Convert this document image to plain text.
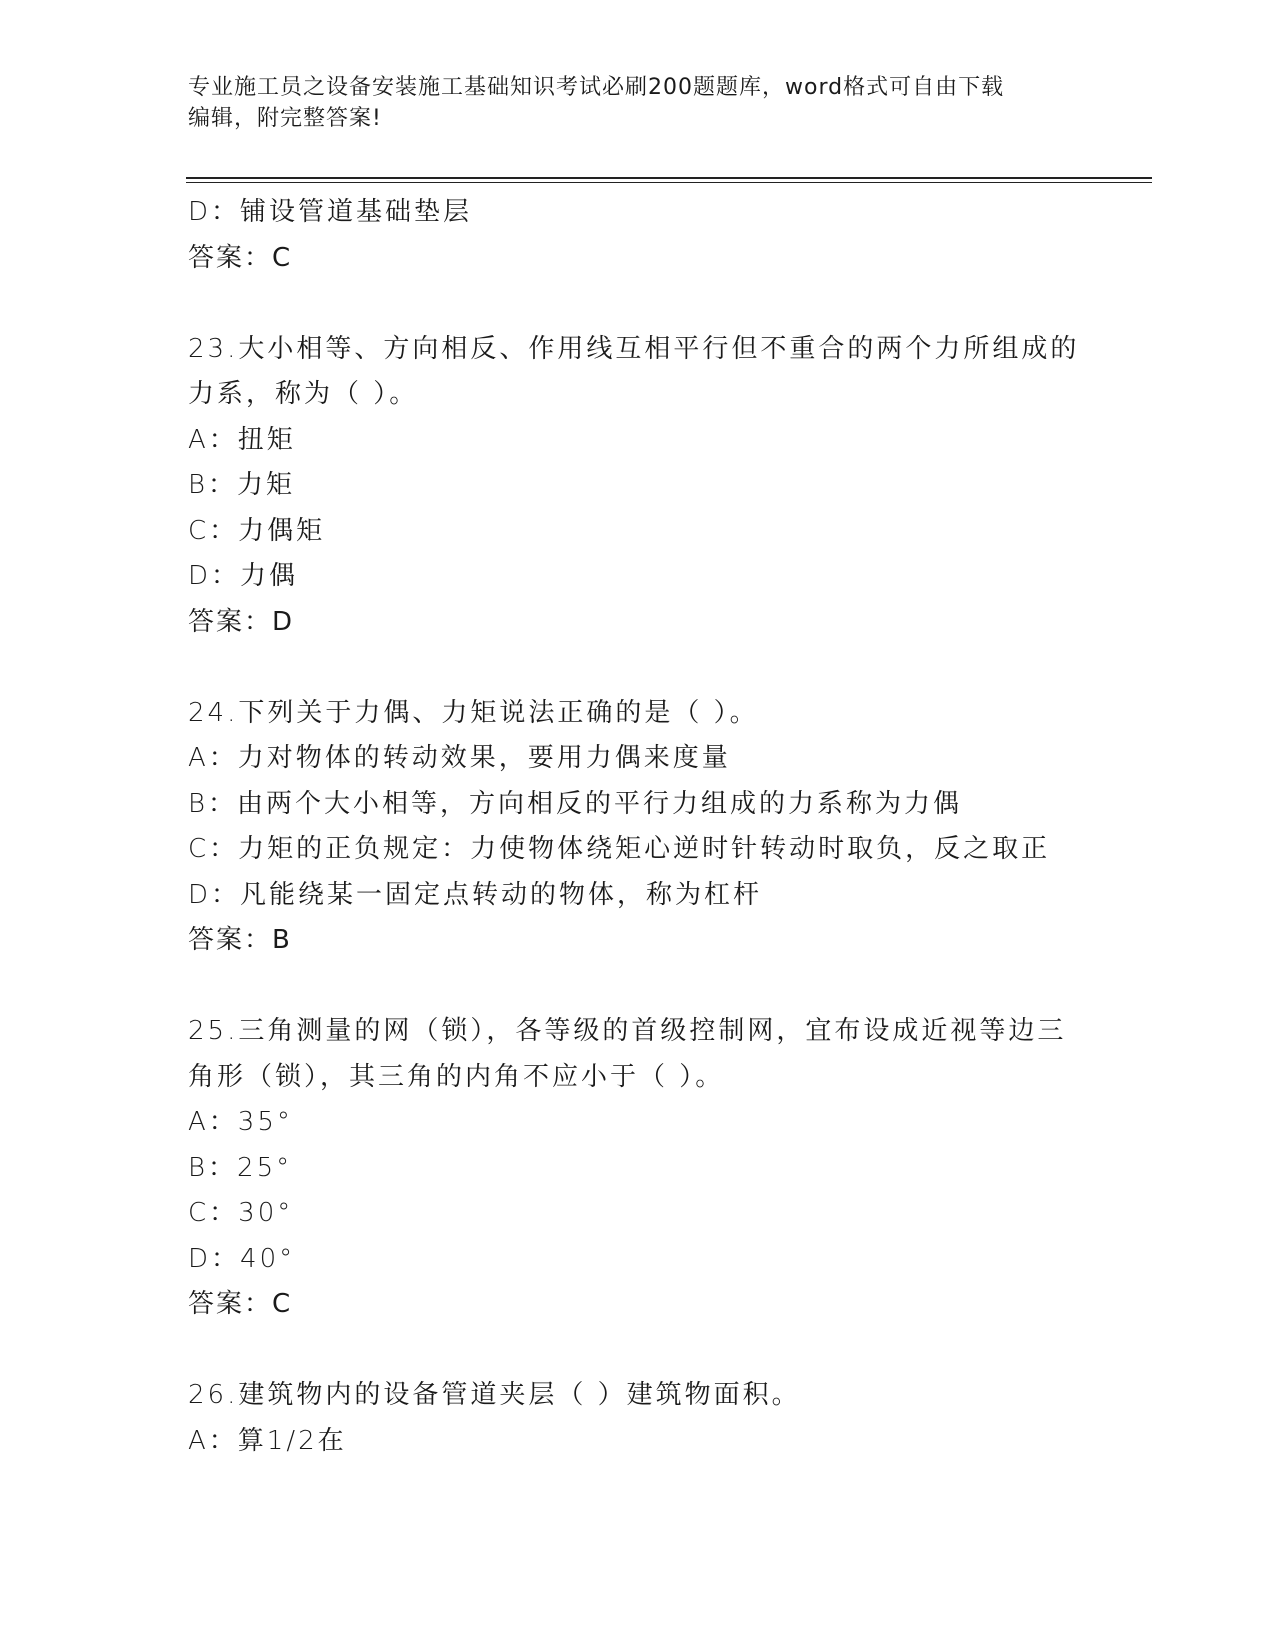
专业施工员之设备安装施工基础知识考试必刷200题题库，word格式可自由下载
编辑，附完整答案!
D：铺设管道基础垫层
答案：C
23.大小相等、方向相反、作用线互相平行但不重合的两个力所组成的
力系，称为（ ）。
A：扭矩
B：力矩
C：力偶矩
D：力偶
答案：D
24.下列关于力偶、力矩说法正确的是（ ）。
A：力对物体的转动效果，要用力偶来度量
B：由两个大小相等，方向相反的平行力组成的力系称为力偶
C：力矩的正负规定：力使物体绕矩心逆时针转动时取负，反之取正
D：凡能绕某一固定点转动的物体，称为杠杆
答案：B
25.三角测量的网（锁），各等级的首级控制网，宜布设成近视等边三
角形（锁），其三角的内角不应小于（ ）。
A：35°
B：25°
C：30°
D：40°
答案：C
26.建筑物内的设备管道夹层（ ）建筑物面积。
A：算1/2在
